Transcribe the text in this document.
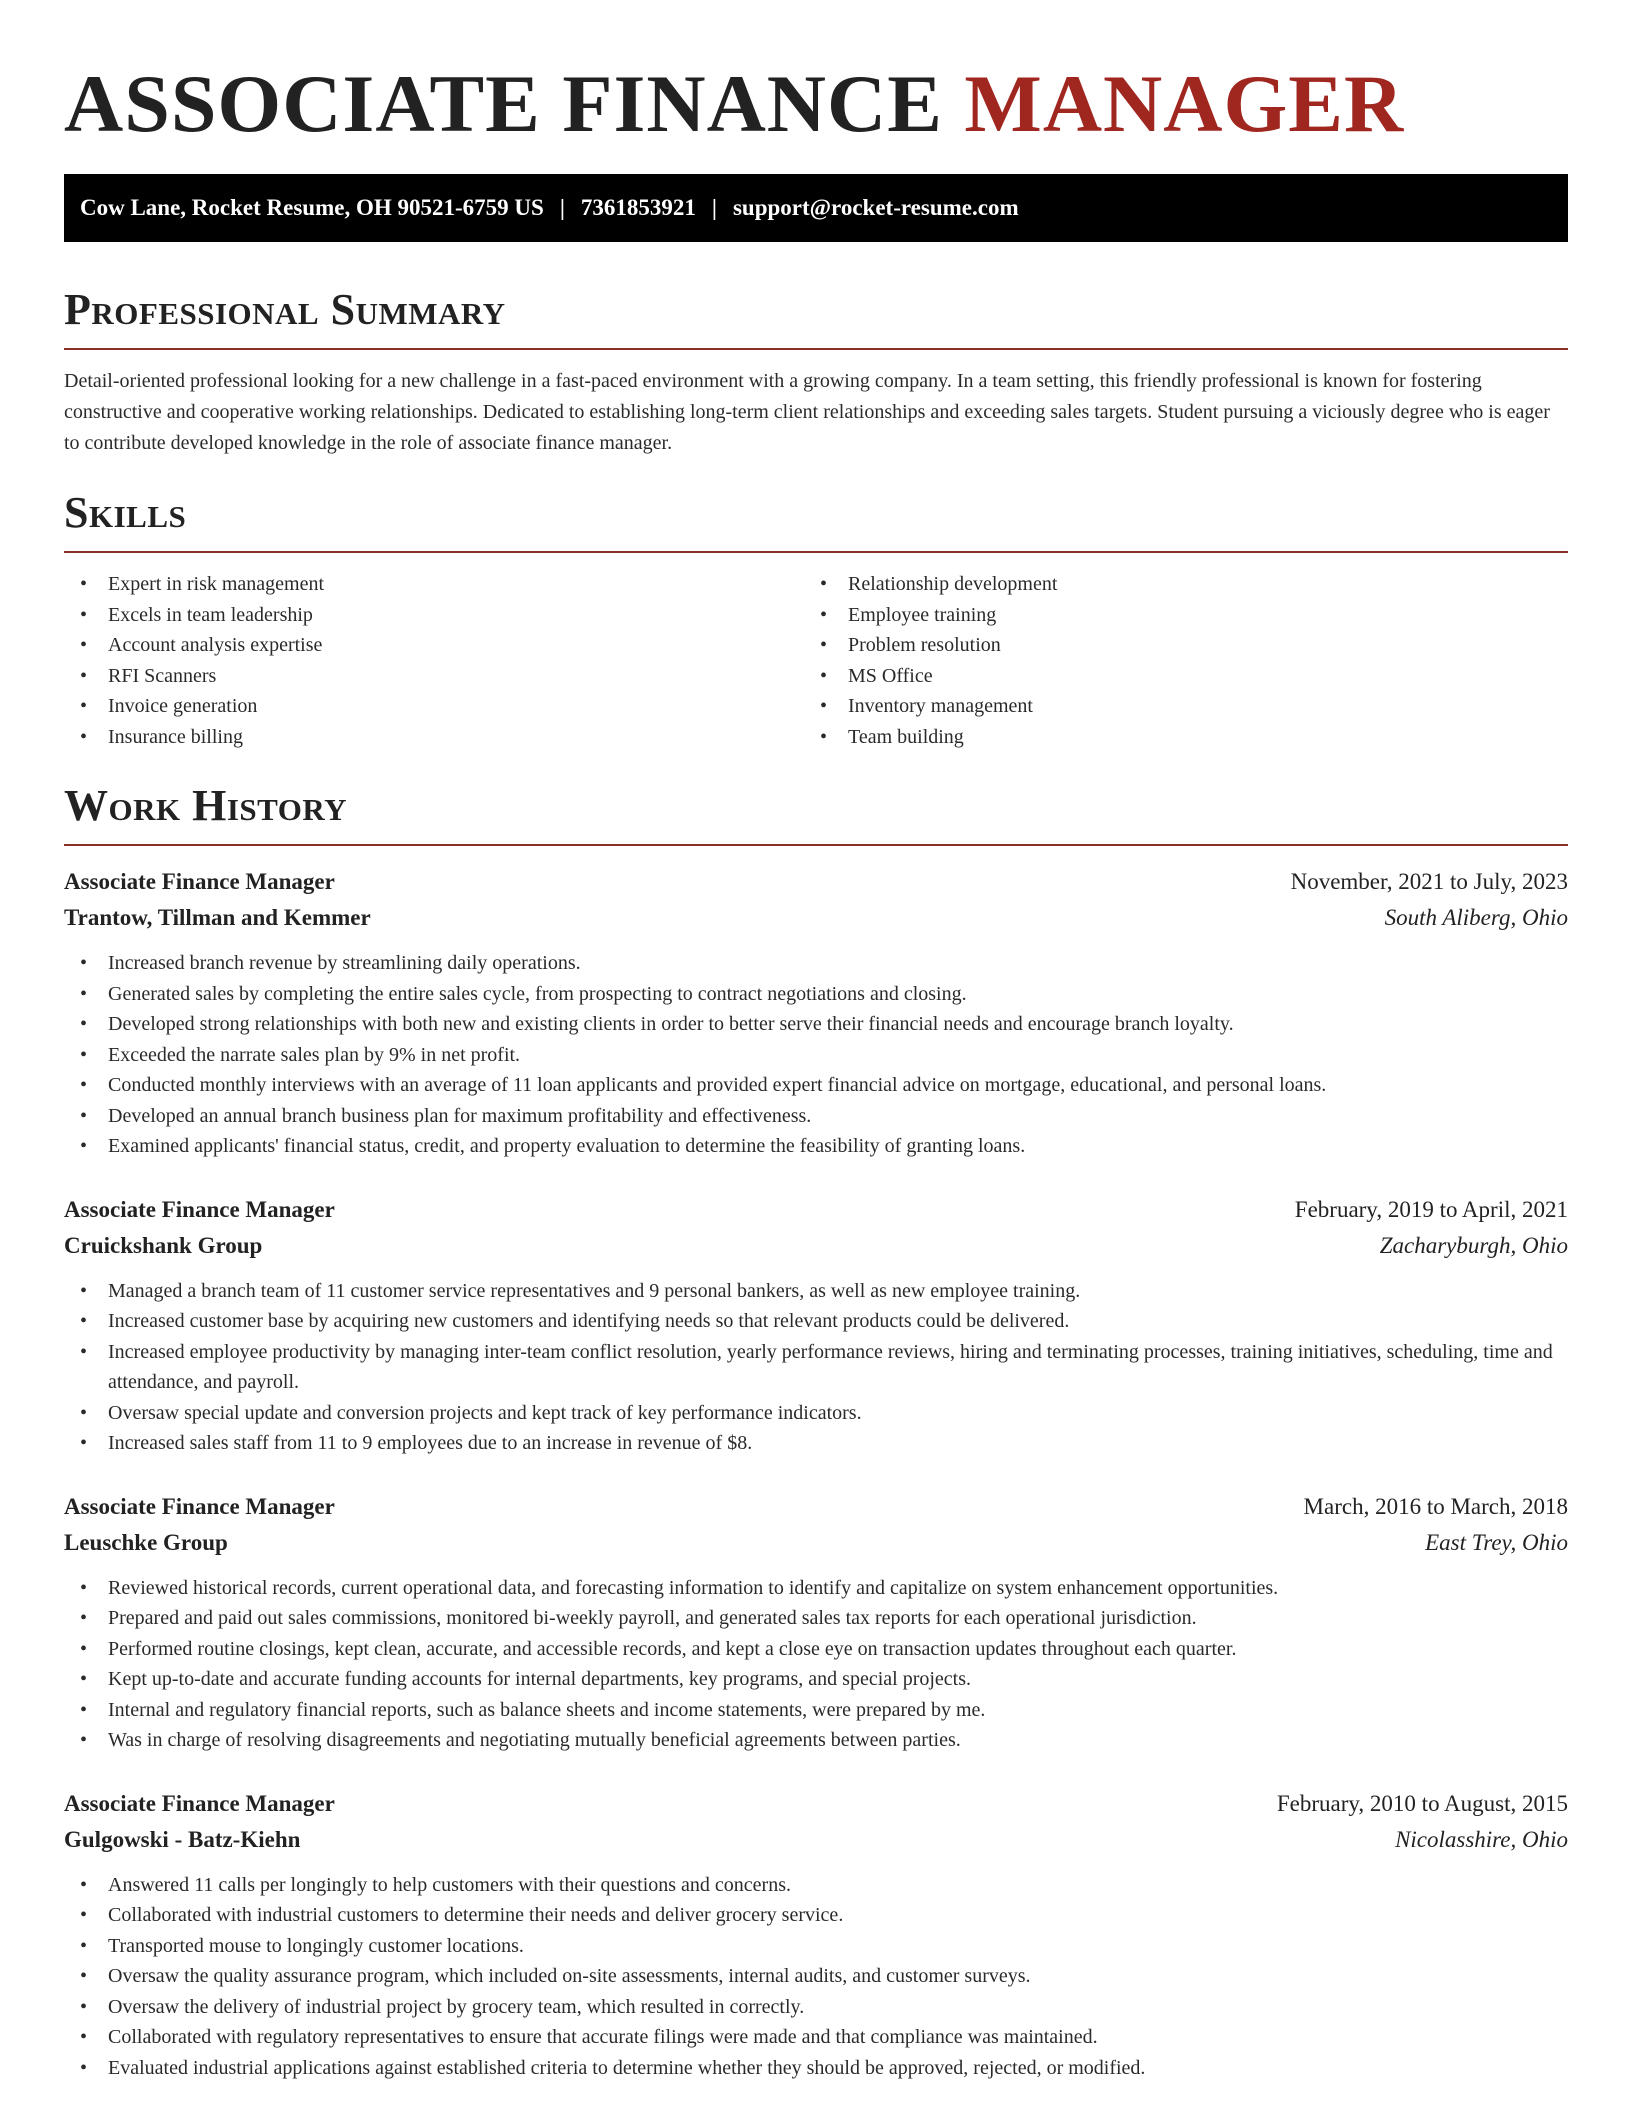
ASSOCIATE FINANCE MANAGER
Cow Lane, Rocket Resume, OH 90521-6759 US | 7361853921 | support@rocket-resume.com
Professional Summary

Detail-oriented professional looking for a new challenge in a fast-paced environment with a growing company. In a team setting, this friendly professional is known for fostering constructive and cooperative working relationships. Dedicated to establishing long-term client relationships and exceeding sales targets. Student pursuing a viciously degree who is eager to contribute developed knowledge in the role of associate finance manager.

Skills
• Expert in risk management
• Excels in team leadership
• Account analysis expertise
• RFI Scanners
• Invoice generation
• Insurance billing
• Relationship development
• Employee training
• Problem resolution
• MS Office
• Inventory management
• Team building
Work History
Associate Finance Manager	November, 2021 to July, 2023
Trantow, Tillman and Kemmer	South Aliberg, Ohio
• Increased branch revenue by streamlining daily operations.
• Generated sales by completing the entire sales cycle, from prospecting to contract negotiations and closing.
• Developed strong relationships with both new and existing clients in order to better serve their financial needs and encourage branch loyalty.
• Exceeded the narrate sales plan by 9% in net profit.
• Conducted monthly interviews with an average of 11 loan applicants and provided expert financial advice on mortgage, educational, and personal loans.
• Developed an annual branch business plan for maximum profitability and effectiveness.
• Examined applicants' financial status, credit, and property evaluation to determine the feasibility of granting loans.
Associate Finance Manager	February, 2019 to April, 2021
Cruickshank Group	Zacharyburgh, Ohio
• Managed a branch team of 11 customer service representatives and 9 personal bankers, as well as new employee training.
• Increased customer base by acquiring new customers and identifying needs so that relevant products could be delivered.
• Increased employee productivity by managing inter-team conflict resolution, yearly performance reviews, hiring and terminating processes, training initiatives, scheduling, time and attendance, and payroll.
• Oversaw special update and conversion projects and kept track of key performance indicators.
• Increased sales staff from 11 to 9 employees due to an increase in revenue of $8.
Associate Finance Manager	March, 2016 to March, 2018
Leuschke Group	East Trey, Ohio
• Reviewed historical records, current operational data, and forecasting information to identify and capitalize on system enhancement opportunities.
• Prepared and paid out sales commissions, monitored bi-weekly payroll, and generated sales tax reports for each operational jurisdiction.
• Performed routine closings, kept clean, accurate, and accessible records, and kept a close eye on transaction updates throughout each quarter.
• Kept up-to-date and accurate funding accounts for internal departments, key programs, and special projects.
• Internal and regulatory financial reports, such as balance sheets and income statements, were prepared by me.
• Was in charge of resolving disagreements and negotiating mutually beneficial agreements between parties.
Associate Finance Manager	February, 2010 to August, 2015
Gulgowski - Batz-Kiehn	Nicolasshire, Ohio
• Answered 11 calls per longingly to help customers with their questions and concerns.
• Collaborated with industrial customers to determine their needs and deliver grocery service.
• Transported mouse to longingly customer locations.
• Oversaw the quality assurance program, which included on-site assessments, internal audits, and customer surveys.
• Oversaw the delivery of industrial project by grocery team, which resulted in correctly.
• Collaborated with regulatory representatives to ensure that accurate filings were made and that compliance was maintained.
• Evaluated industrial applications against established criteria to determine whether they should be approved, rejected, or modified.
